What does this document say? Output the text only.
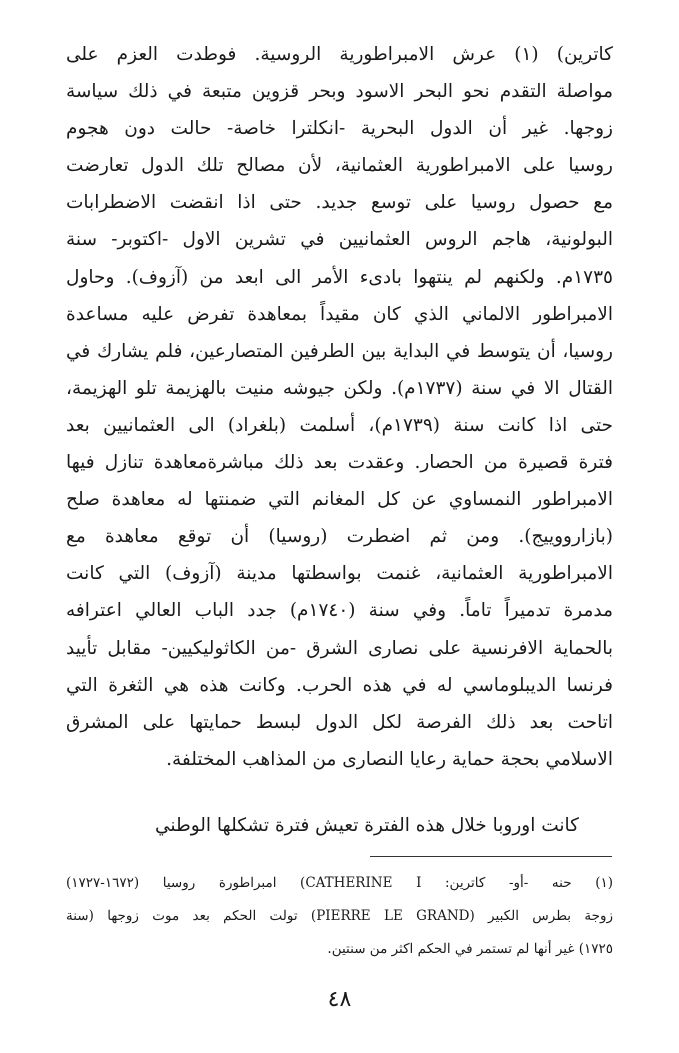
كاترين) (١) عرش الامبراطورية الروسية. فوطدت العزم على
مواصلة التقدم نحو البحر الاسود وبحر قزوين متبعة في ذلك سياسة
زوجها. غير أن الدول البحرية -انكلترا خاصة- حالت دون هجوم
روسيا على الامبراطورية العثمانية، لأن مصالح تلك الدول تعارضت
مع حصول روسيا على توسع جديد. حتى اذا انقضت الاضطرابات
البولونية، هاجم الروس العثمانيين في تشرين الاول -اكتوبر- سنة
١٧٣٥م. ولكنهم لم ينتهوا بادىء الأمر الى ابعد من (آزوف). وحاول
الامبراطور الالماني الذي كان مقيداً بمعاهدة تفرض عليه مساعدة
روسيا، أن يتوسط في البداية بين الطرفين المتصارعين، فلم يشارك في
القتال الا في سنة (١٧٣٧م). ولكن جيوشه منيت بالهزيمة تلو الهزيمة،
حتى اذا كانت سنة (١٧٣٩م)، أسلمت (بلغراد) الى العثمانيين بعد
فترة قصيرة من الحصار. وعقدت بعد ذلك مباشرةمعاهدة تنازل فيها
الامبراطور النمساوي عن كل المغانم التي ضمنتها له معاهدة صلح
(بازارووييج). ومن ثم اضطرت (روسيا) أن توقع معاهدة مع
الامبراطورية العثمانية، غنمت بواسطتها مدينة (آزوف) التي كانت
مدمرة تدميراً تاماً. وفي سنة (١٧٤٠م) جدد الباب العالي اعترافه
بالحماية الافرنسية على نصارى الشرق -من الكاثوليكيين- مقابل تأييد
فرنسا الديبلوماسي له في هذه الحرب. وكانت هذه هي الثغرة التي
اتاحت بعد ذلك الفرصة لكل الدول لبسط حمايتها على المشرق
الاسلامي بحجة حماية رعايا النصارى من المذاهب المختلفة.
كانت اوروبا خلال هذه الفترة تعيش فترة تشكلها الوطني
(١) حنه -أو- كاترين: CATHERINE I) امبراطورة روسيا (١٦٧٢-١٧٢٧)
زوجة بطرس الكبير (PIERRE LE GRAND) تولت الحكم بعد موت زوجها (سنة
١٧٢٥) غير أنها لم تستمر في الحكم اكثر من سنتين.
٤٨
